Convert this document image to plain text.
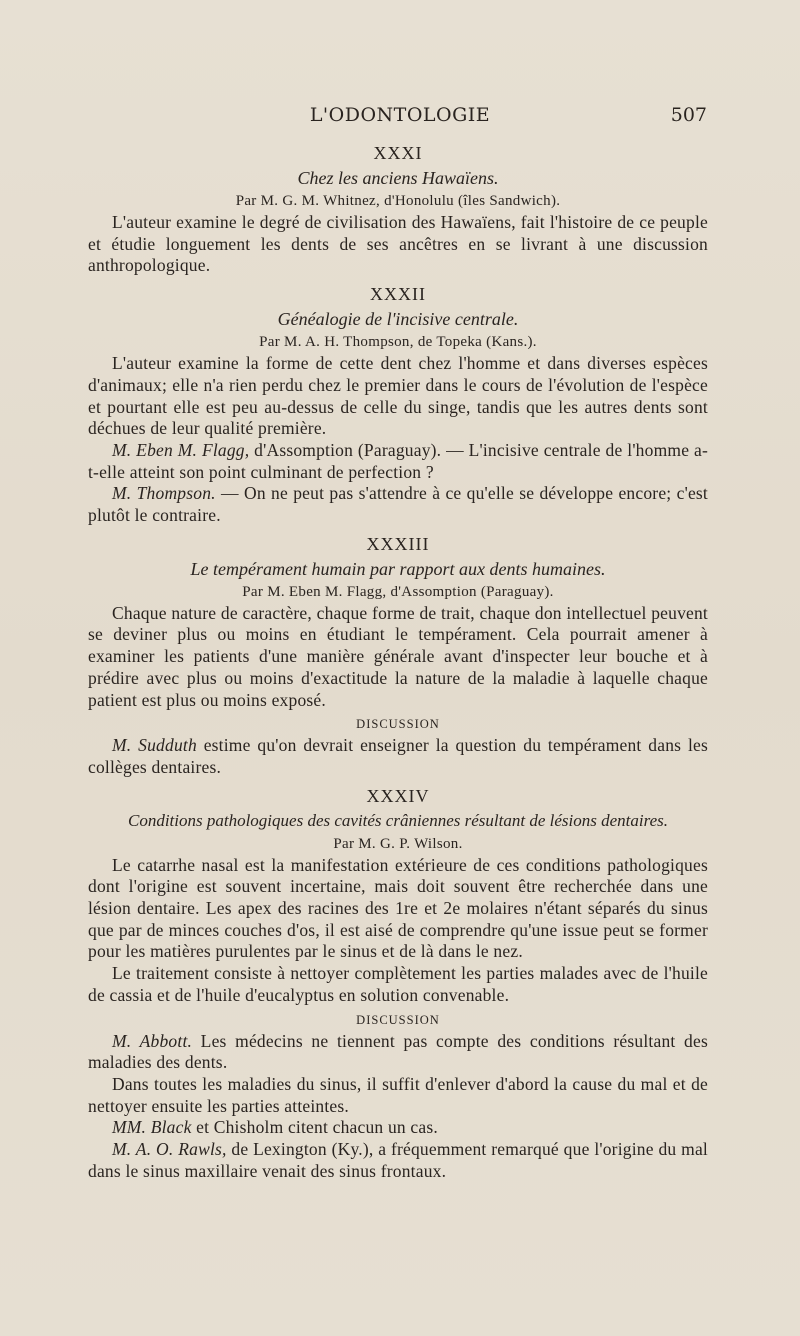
L'ODONTOLOGIE	507
XXXI
Chez les anciens Hawaïens.
Par M. G. M. Whitnez, d'Honolulu (îles Sandwich).

L'auteur examine le degré de civilisation des Hawaïens, fait l'histoire de ce peuple et étudie longuement les dents de ses ancêtres en se livrant à une discussion anthropologique.

XXXII
Généalogie de l'incisive centrale.
Par M. A. H. Thompson, de Topeka (Kans.).

L'auteur examine la forme de cette dent chez l'homme et dans diverses espèces d'animaux; elle n'a rien perdu chez le premier dans le cours de l'évolution de l'espèce et pourtant elle est peu au-dessus de celle du singe, tandis que les autres dents sont déchues de leur qualité première.

M. Eben M. Flagg, d'Assomption (Paraguay). — L'incisive centrale de l'homme a-t-elle atteint son point culminant de perfection ?

M. Thompson. — On ne peut pas s'attendre à ce qu'elle se développe encore; c'est plutôt le contraire.

XXXIII
Le tempérament humain par rapport aux dents humaines.
Par M. Eben M. Flagg, d'Assomption (Paraguay).

Chaque nature de caractère, chaque forme de trait, chaque don intellectuel peuvent se deviner plus ou moins en étudiant le tempérament. Cela pourrait amener à examiner les patients d'une manière générale avant d'inspecter leur bouche et à prédire avec plus ou moins d'exactitude la nature de la maladie à laquelle chaque patient est plus ou moins exposé.

DISCUSSION

M. Sudduth estime qu'on devrait enseigner la question du tempérament dans les collèges dentaires.

XXXIV
Conditions pathologiques des cavités crâniennes résultant de lésions dentaires.
Par M. G. P. Wilson.

Le catarrhe nasal est la manifestation extérieure de ces conditions pathologiques dont l'origine est souvent incertaine, mais doit souvent être recherchée dans une lésion dentaire. Les apex des racines des 1re et 2e molaires n'étant séparés du sinus que par de minces couches d'os, il est aisé de comprendre qu'une issue peut se former pour les matières purulentes par le sinus et de là dans le nez.

Le traitement consiste à nettoyer complètement les parties malades avec de l'huile de cassia et de l'huile d'eucalyptus en solution convenable.

DISCUSSION

M. Abbott. Les médecins ne tiennent pas compte des conditions résultant des maladies des dents.

Dans toutes les maladies du sinus, il suffit d'enlever d'abord la cause du mal et de nettoyer ensuite les parties atteintes.

MM. Black et Chisholm citent chacun un cas.

M. A. O. Rawls, de Lexington (Ky.), a fréquemment remarqué que l'origine du mal dans le sinus maxillaire venait des sinus frontaux.
